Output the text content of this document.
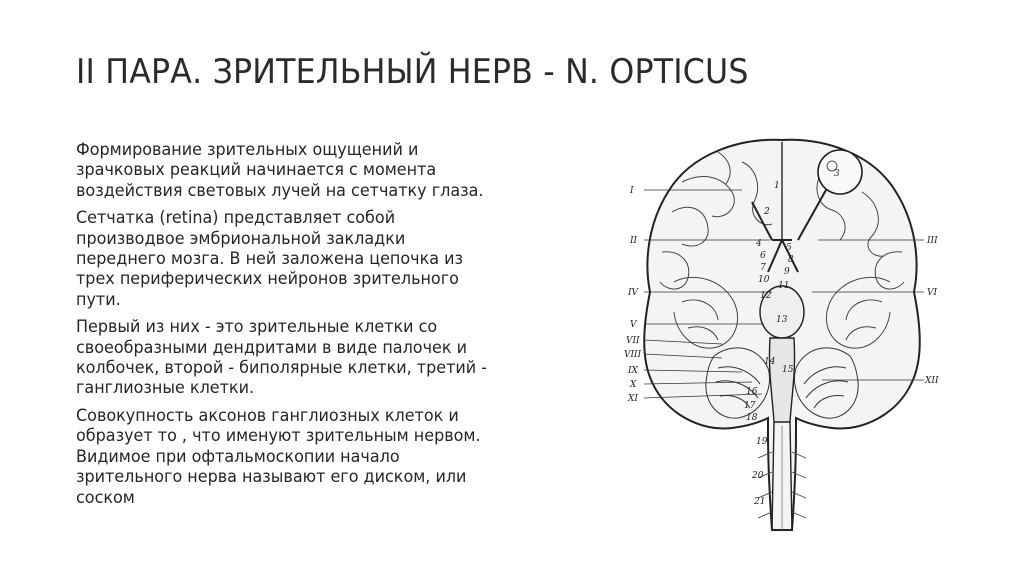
II ПАРА. ЗРИТЕЛЬНЫЙ НЕРВ - N. OPTICUS

Формирование зрительных ощущений и
зрачковых реакций начинается с момента
воздействия световых лучей на сетчатку глаза.

Сетчатка (retina) представляет собой
производвое эмбриональной закладки
переднего мозга. В ней заложена цепочка из
трех периферических нейронов зрительного
пути.

Первый из них - это зрительные клетки со
своеобразными дендритами в виде палочек и
колбочек, второй - биполярные клетки, третий -
ганглиозные клетки.

Совокупность аксонов ганглиозных клеток и
образует то , что именуют зрительным нервом.
Видимое при офтальмоскопии начало
зрительного нерва называют его диском, или
соском

I
II
IV
V
VII
VIII
IX
X
XI
III
VI
XII
1
2
3
4	5
6
7
8
9
10
11
12
13
14
15
16
17
18
19
20
21
